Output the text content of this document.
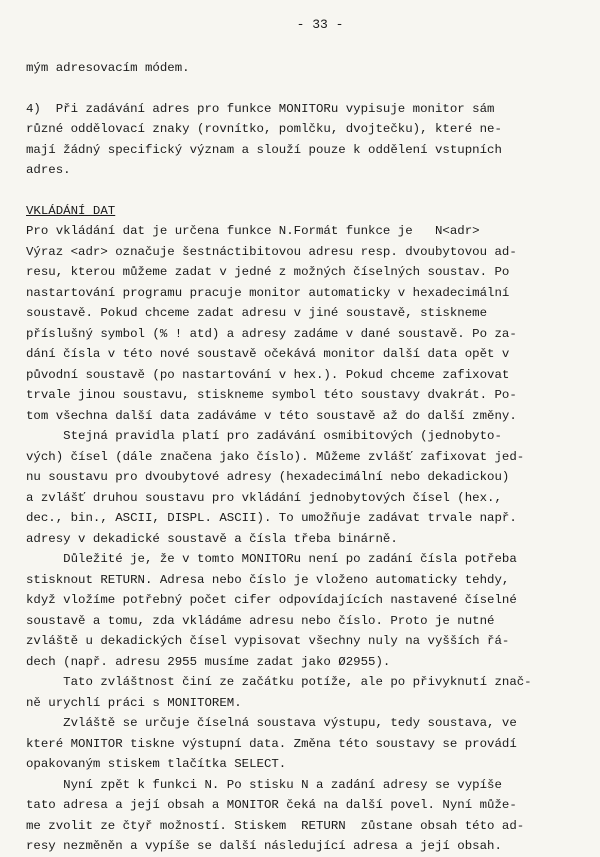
- 33 -
mým adresovacím módem.
4)  Při zadávání adres pro funkce MONITORu vypisuje monitor sám
různé oddělovací znaky (rovnítko, pomlčku, dvojtečku), které ne-
mají žádný specifický význam a slouží pouze k oddělení vstupních
adres.
VKLÁDÁNÍ DAT
Pro vkládání dat je určena funkce N.Formát funkce je   N<adr>
Výraz <adr> označuje šestnáctibitovou adresu resp. dvoubytovou ad-
resu, kterou můžeme zadat v jedné z možných číselných soustav. Po
nastartování programu pracuje monitor automaticky v hexadecimální
soustavě. Pokud chceme zadat adresu v jiné soustavě, stiskneme
příslušný symbol (% ! atd) a adresy zadáme v dané soustavě. Po za-
dání čísla v této nové soustavě očekává monitor další data opět v
původní soustavě (po nastartování v hex.). Pokud chceme zafixovat
trvale jinou soustavu, stiskneme symbol této soustavy dvakrát. Po-
tom všechna další data zadáváme v této soustavě až do další změny.
Stejná pravidla platí pro zadávání osmibitových (jednobyto-
vých) čísel (dále značena jako číslo). Můžeme zvlášť zafixovat jed-
nu soustavu pro dvoubytové adresy (hexadecimální nebo dekadickou)
a zvlášť druhou soustavu pro vkládání jednobytových čísel (hex.,
dec., bin., ASCII, DISPL. ASCII). To umožňuje zadávat trvale např.
adresy v dekadické soustavě a čísla třeba binárně.
Důležité je, že v tomto MONITORu není po zadání čísla potřeba
stisknout RETURN. Adresa nebo číslo je vloženo automaticky tehdy,
když vložíme potřebný počet cifer odpovídajících nastavené číselné
soustavě a tomu, zda vkládáme adresu nebo číslo. Proto je nutné
zvláště u dekadických čísel vypisovat všechny nuly na vyšších řá-
dech (např. adresu 2955 musíme zadat jako Ø2955).
Tato zvláštnost činí ze začátku potíže, ale po přivyknutí znač-
ně urychlí práci s MONITOREM.
Zvláště se určuje číselná soustava výstupu, tedy soustava, ve
které MONITOR tiskne výstupní data. Změna této soustavy se provádí
opakovaným stiskem tlačítka SELECT.
Nyní zpět k funkci N. Po stisku N a zadání adresy se vypíše
tato adresa a její obsah a MONITOR čeká na další povel. Nyní může-
me zvolit ze čtyř možností. Stiskem  RETURN  zůstane obsah této ad-
resy nezměněn a vypíše se další následující adresa a její obsah.
